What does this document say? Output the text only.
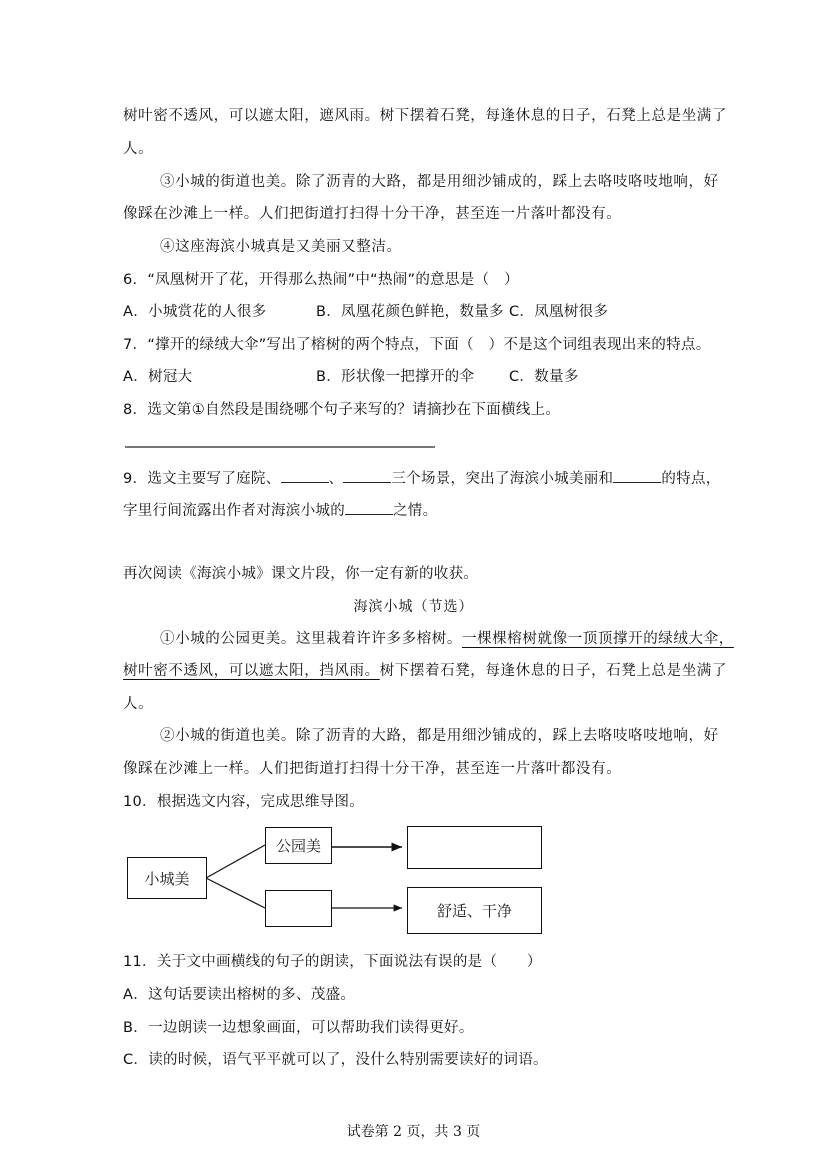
树叶密不透风，可以遮太阳，遮风雨。树下摆着石凳，每逢休息的日子，石凳上总是坐满了
人。
③小城的街道也美。除了沥青的大路，都是用细沙铺成的，踩上去咯吱咯吱地响，好
像踩在沙滩上一样。人们把街道打扫得十分干净，甚至连一片落叶都没有。
④这座海滨小城真是又美丽又整洁。
6．“凤凰树开了花，开得那么热闹”中“热闹”的意思是（　）
A．小城赏花的人很多	B．凤凰花颜色鲜艳，数量多 C．凤凰树很多
7．“撑开的绿绒大伞”写出了榕树的两个特点，下面（　）不是这个词组表现出来的特点。
A．树冠大	B．形状像一把撑开的伞 C．数量多
8．选文第①自然段是围绕哪个句子来写的？请摘抄在下面横线上。
9．选文主要写了庭院、	、	三个场景，突出了海滨小城美丽和	的特点，
字里行间流露出作者对海滨小城的	之情。
再次阅读《海滨小城》课文片段，你一定有新的收获。
海滨小城（节选）
①小城的公园更美。这里栽着许许多多榕树。一棵棵榕树就像一顶顶撑开的绿绒大伞，
树叶密不透风，可以遮太阳，挡风雨。树下摆着石凳，每逢休息的日子，石凳上总是坐满了
人。
②小城的街道也美。除了沥青的大路，都是用细沙铺成的，踩上去咯吱咯吱地响，好
像踩在沙滩上一样。人们把街道打扫得十分干净，甚至连一片落叶都没有。
10．根据选文内容，完成思维导图。
小城美
公园美
舒适、干净
11．关于文中画横线的句子的朗读，下面说法有误的是（　　）
A．这句话要读出榕树的多、茂盛。
B．一边朗读一边想象画面，可以帮助我们读得更好。
C．读的时候，语气平平就可以了，没什么特别需要读好的词语。
试卷第 2 页，共 3 页
